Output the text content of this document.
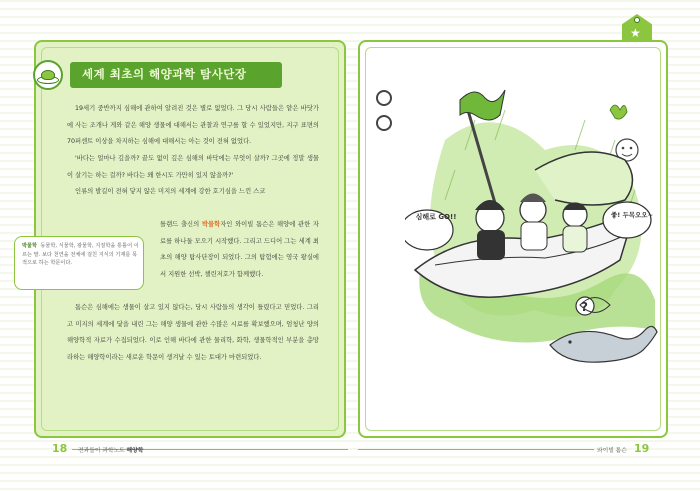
★
세계 최초의 해양과학 탐사단장
19세기 중반까지 심해에 관하여 알려진 것은 별로 없었다. 그 당시 사람들은 얕은 바닷가에 사는 조개나 게와 같은 해양 생물에 대해서는 관찰과 연구를 할 수 있었지만, 지구 표면의 70퍼센트 이상을 차지하는 심해에 대해서는 아는 것이 전혀 없었다.
'바다는 얼마나 깊을까? 끝도 없이 깊은 심해의 바닥에는 무엇이 살까? 그곳에 정말 생물이 살기는 하는 걸까? 바다는 왜 한시도 가만히 있지 않을까?'
인류의 발길이 전혀 닿지 않은 미지의 세계에 강한 호기심을 느낀 스코
틀랜드 출신의 박물학자인 와이빌 톰슨은 해양에 관한 자료를 하나둘 모으기 시작했다. 그리고 드디어 그는 세계 최초의 해양 탐사단장이 되었다. 그의 탐험에는 영국 왕실에서 지원한 선박, 챌린저호가 함께했다.
톰슨은 심해에는 생물이 살고 있지 않다는, 당시 사람들의 생각이 틀렸다고 믿었다. 그리고 미지의 세계에 닻을 내린 그는 해양 생물에 관한 수많은 시료를 확보했으며, 엄청난 양의 해양학적 자료가 수집되었다. 이로 인해 바다에 관한 물리학, 화학, 생물학적인 부분을 총망라하는 해양학이라는 새로운 학문이 생겨날 수 있는 토대가 마련되었다.
박물학 동물학, 식물학, 광물학, 지질학을 통틀어 이르는 말. 보다 천연을 전체에 걸친 지식의 기재를 목적으로 하는 학문이다.
?
심해로 GO!!	좋! 두목오오~
18 전과들이 과학노트 해양학	와이빌 톰슨 19
